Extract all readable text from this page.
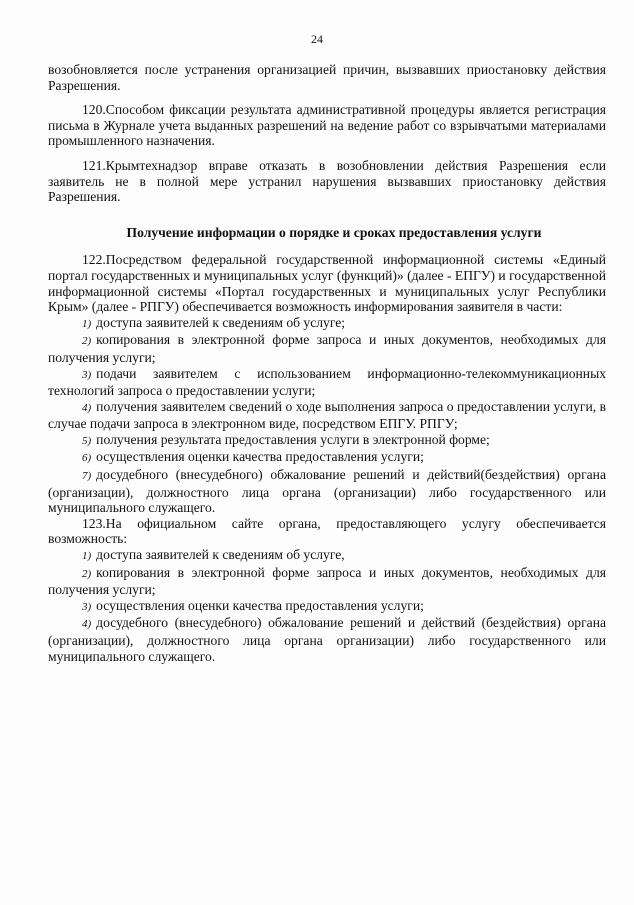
24

возобновляется после устранения организацией причин, вызвавших приостановку действия Разрешения.

120.Способом фиксации результата административной процедуры является регистрация письма в Журнале учета выданных разрешений на ведение работ со взрывчатыми материалами промышленного назначения.

121.Крымтехнадзор вправе отказать в возобновлении действия Разрешения если заявитель не в полной мере устранил нарушения вызвавших приостановку действия Разрешения.

Получение информации о порядке и сроках предоставления услуги

122.Посредством федеральной государственной информационной системы «Единый портал государственных и муниципальных услуг (функций)» (далее - ЕПГУ) и государственной информационной системы «Портал государственных и муниципальных услуг Республики Крым» (далее - РПГУ) обеспечивается возможность информирования заявителя в части:

1) доступа заявителей к сведениям об услуге;

2) копирования в электронной форме запроса и иных документов, необходимых для получения услуги;

3) подачи заявителем с использованием информационно-телекоммуникационных технологий запроса о предоставлении услуги;

4) получения заявителем сведений о ходе выполнения запроса о предоставлении услуги, в случае подачи запроса в электронном виде, посредством ЕПГУ. РПГУ;

5) получения результата предоставления услуги в электронной форме;

6) осуществления оценки качества предоставления услуги;

7) досудебного (внесудебного) обжалование решений и действий(бездействия) органа (организации), должностного лица органа (организации) либо государственного или муниципального служащего.

123.На официальном сайте органа, предоставляющего услугу обеспечивается возможность:

1) доступа заявителей к сведениям об услуге,

2) копирования в электронной форме запроса и иных документов, необходимых для получения услуги;

3) осуществления оценки качества предоставления услуги;

4) досудебного (внесудебного) обжалование решений и действий (бездействия) органа (организации), должностного лица органа организации) либо государственного или муниципального служащего.
